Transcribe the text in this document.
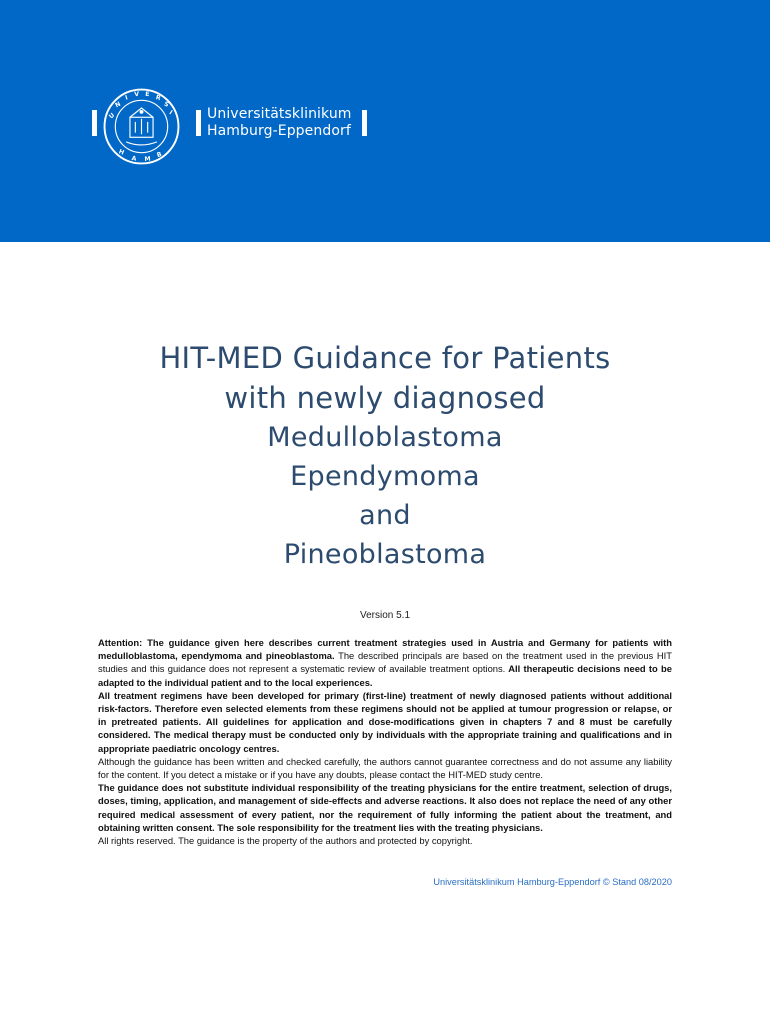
U
N
I V E R
S
I
H
A M
B
Universitätsklinikum
Hamburg-Eppendorf
HIT-MED Guidance for Patients
with newly diagnosed
Medulloblastoma
Ependymoma
and
Pineoblastoma
Version 5.1

Attention: The guidance given here describes current treatment strategies used in Austria and Germany for patients with medulloblastoma, ependymoma and pineoblastoma. The described principals are based on the treatment used in the previous HIT studies and this guidance does not represent a systematic review of available treatment options. All therapeutic decisions need to be adapted to the individual patient and to the local experiences.

All treatment regimens have been developed for primary (first-line) treatment of newly diagnosed patients without additional risk-factors. Therefore even selected elements from these regimens should not be applied at tumour progression or relapse, or in pretreated patients. All guidelines for application and dose-modifications given in chapters 7 and 8 must be carefully considered. The medical therapy must be conducted only by individuals with the appropriate training and qualifications and in appropriate paediatric oncology centres.

Although the guidance has been written and checked carefully, the authors cannot guarantee correctness and do not assume any liability for the content. If you detect a mistake or if you have any doubts, please contact the HIT-MED study centre.

The guidance does not substitute individual responsibility of the treating physicians for the entire treatment, selection of drugs, doses, timing, application, and management of side-effects and adverse reactions. It also does not replace the need of any other required medical assessment of every patient, nor the requirement of fully informing the patient about the treatment, and obtaining written consent. The sole responsibility for the treatment lies with the treating physicians.

All rights reserved. The guidance is the property of the authors and protected by copyright.

Universitätsklinikum Hamburg-Eppendorf © Stand 08/2020
